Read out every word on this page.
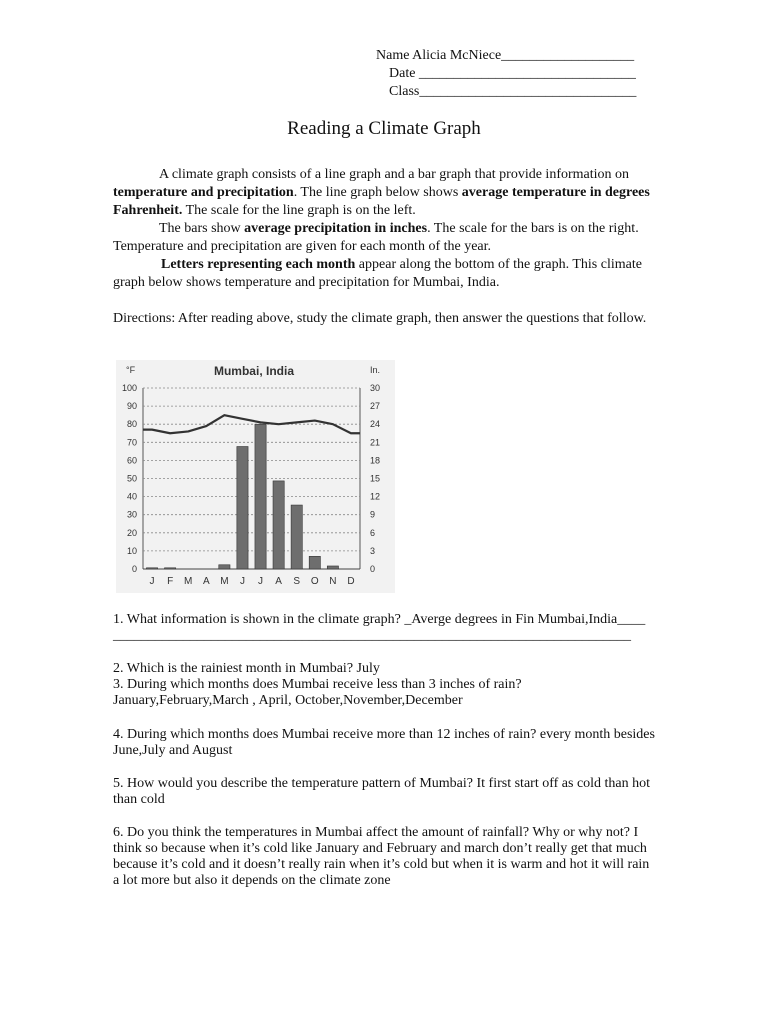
Name Alicia McNiece___________________
Date _______________________________
Class_______________________________
Reading a Climate Graph

A climate graph consists of a line graph and a bar graph that provide information on temperature and precipitation. The line graph below shows average temperature in degrees Fahrenheit. The scale for the line graph is on the left.

The bars show average precipitation in inches. The scale for the bars is on the right. Temperature and precipitation are given for each month of the year.

Letters representing each month appear along the bottom of the graph. This climate graph below shows temperature and precipitation for Mumbai, India.

Directions: After reading above, study the climate graph, then answer the questions that follow.

Mumbai, India
°F	In.
100	30
90	27
80	24
70	21
60	18
50	15
40	12
30	9
20	6
10	3
0	0
J F M A M J J A S O N D
1. What information is shown in the climate graph? _Averge degrees in Fin Mumbai,India____
__________________________________________________________________________
2. Which is the rainiest month in Mumbai? July
3. During which months does Mumbai receive less than 3 inches of rain?
January,February,March , April, October,November,December

4. During which months does Mumbai receive more than 12 inches of rain? every month besides June,July and August

5. How would you describe the temperature pattern of Mumbai? It first start off as cold than hot than cold

6. Do you think the temperatures in Mumbai affect the amount of rainfall? Why or why not? I think so because when it’s cold like January and February and march don’t really get that much because it’s cold and it doesn’t really rain when it’s cold but when it is warm and hot it will rain a lot more but also it depends on the climate zone
